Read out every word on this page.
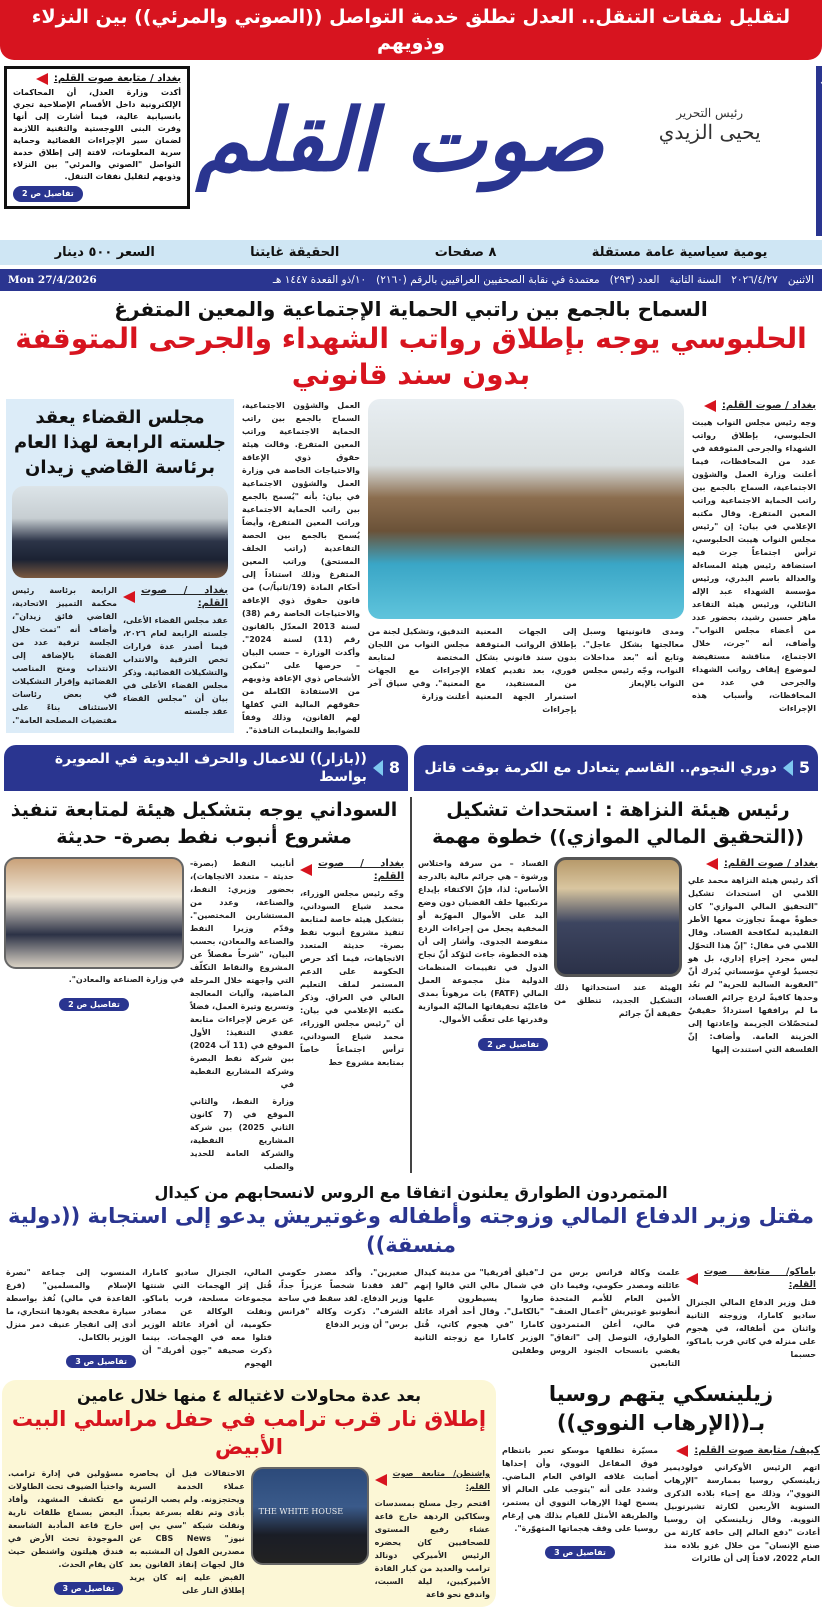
لتقليل نفقات التنقل.. العدل تطلق خدمة التواصل ((الصوتي والمرئي)) بين النزلاء وذويهم
بغداد / متابعة صوت القلم:
أكدت وزارة العدل، أن المحاكمات الإلكترونية داخل الأقسام الإصلاحية تجري بانسيابية عالية، فيما أشارت إلى أنها وفرت البنى اللوجستية والتقنية اللازمة لضمان سير الإجراءات القضائية وحماية سرية المعلومات، لافتة إلى إطلاق خدمة التواصل "الصوتي والمرئي" بين النزلاء وذويهم لتقليل نفقات التنقل.
تفاصيل ص 2
صوت القلم	رئيس التحرير
يحيى الزيدي
يومية سياسية عامة مستقلة
٨ صفحات
الحقيقة غايتنا
السعر ٥٠٠ دينار
الاثنين
٢٠٢٦/٤/٢٧
السنة الثانية
العدد (٢٩٣)
معتمدة في نقابة الصحفيين العراقيين بالرقم (٢١٦٠)
١٠/ذو القعدة ١٤٤٧ هـ
Mon 27/4/2026
السماح بالجمع بين راتبي الحماية الإجتماعية والمعين المتفرغ
الحلبوسي يوجه بإطلاق رواتب الشهداء والجرحى المتوقفة بدون سند قانوني
مجلس القضاء يعقد جلسته الرابعة لهذا العام برئاسة القاضي زيدان
الرابعة برئاسة رئيس محكمة التمييز الاتحادية، القاضي فائق زيدان"، وأضاف أنه "تمت خلال الجلسة ترقية عدد من القضاة بالإضافة إلى الانتداب ومنح المناصب القضائية وإقرار التشكيلات في بعض رئاسات الاستئناف بناءً على مقتضيات المصلحة العامة".
بغداد / صوت القلم:
عقد مجلس القضاء الأعلى، جلسته الرابعة لعام ٢٠٢٦، فيما أصدر عدة قرارات تخص الترقية والانتداب والتشكيلات القضائية. وذكر مجلس القضاء الأعلى في بيان أن "مجلس القضاء عقد جلسته
العمل والشؤون الاجتماعية، السماح بالجمع بين راتب الحماية الاجتماعية وراتب المعين المتفرغ. وقالت هيئة حقوق ذوي الإعاقة والاحتياجات الخاصة في وزارة العمل والشؤون الاجتماعية في بيان: بأنه "يُسمح بالجمع بين راتب الحماية الاجتماعية وراتب المعين المتفرغ، وأيضاً يُسمح بالجمع بين الحصة التقاعدية (راتب الخلف المستحق) وراتب المعين المتفرغ وذلك استناداً إلى أحكام المادة (19/ثانياً/ب) من قانون حقوق ذوي الإعاقة والاحتياجات الخاصة رقم (38) لسنة 2013 المعدّل بالقانون رقم (11) لسنة 2024". وأكدت الوزارة – حسب البيان – حرصها على "تمكين الأشخاص ذوي الإعاقة وذويهم من الاستفادة الكاملة من حقوقهم المالية التي كفلها لهم القانون، وذلك وفقاً للضوابط والتعليمات النافذة".
التدقيق، وتشكيل لجنة من مجلس النواب من اللجان المختصة لمتابعة الإجراءات مع الجهات المعنية". وفي سياق آخر أعلنت وزارة
إلى الجهات المعنية بإطلاق الرواتب المتوقفة بدون سند قانوني بشكل فوري، بعد تقديم كفلاء من المستفيد، مع استمرار الجهة المعنية بإجراءات
ومدى قانونيتها وسبل معالجتها بشكل عاجل". وتابع أنه "بعد مداخلات النواب، وجّه رئيس مجلس النواب بالإيعاز
بغداد / صوت القلم:
وجه رئيس مجلس النواب هيبت الحلبوسي، بإطلاق رواتب الشهداء والجرحى المتوقفة في عدد من المحافظات، فيما أعلنت وزارة العمل والشؤون الاجتماعية، السماح بالجمع بين راتب الحماية الاجتماعية وراتب المعين المتفرغ. وقال مكتبه الإعلامي في بيان: إن "رئيس مجلس النواب هيبت الحلبوسي، ترأس اجتماعاً جرت فيه استضافة رئيس هيئة المساءلة والعدالة باسم البدري، ورئيس مؤسسة الشهداء عبد الإله النائلي، ورئيس هيئة التقاعد ماهر حسين رشيد، بحضور عدد من أعضاء مجلس النواب". وأضاف، أنه "جرت، خلال الاجتماع، مناقشة مستفيضة لموضوع إيقاف رواتب الشهداء والجرحى في عدد من المحافظات، وأسباب هذه الإجراءات
8
((بازار)) للاعمال والحرف اليدوية في الصويرة بواسط	5
دوري النجوم.. القاسم يتعادل مع الكرمة بوقت قاتل
السوداني يوجه بتشكيل هيئة لمتابعة تنفيذ مشروع أنبوب نفط بصرة- حديثة
في وزارة الصناعة والمعادن".
تفاصيل ص 2
أنابيب النفط (بصرة- حديثة – متعدد الاتجاهات)، بحضور وزيري: النفط، والصناعة، وعدد من المستشارين المختصين". وقدّم وزيرا النفط والصناعة والمعادن، بحسب البيان، "شرحاً مفصلاً عن المشروع والنقاط التكلّف التي واجهته خلال المرحلة الماضية، وآليات المعالجة وتسريع وتيرة العمل، فضلاً عن عرض لإجراءات متابعة عقدي التنفيذ: الأول الموقع في (11 آب 2024) بين شركة نفط البصرة وشركة المشاريع النفطية في
وزارة النفط، والثاني الموقع في (7 كانون الثاني 2025) بين شركة المشاريع النفطية، والشركة العامة للحديد والصلب
بغداد / صوت القلم:
وجّه رئيس مجلس الوزراء، محمد شياع السوداني، بتشكيل هيئة خاصة لمتابعة تنفيذ مشروع أنبوب نفط بصرة- حديثة المتعدد الاتجاهات، فيما أكد حرص الحكومة على الدعم المستمر لملف التعليم العالي في العراق. وذكر مكتبه الإعلامي في بيان: أن "رئيس مجلس الوزراء، محمد شياع السوداني، ترأس اجتماعاً خاصاً بمتابعة مشروع خط
رئيس هيئة النزاهة : استحداث تشكيل ((التحقيق المالي الموازي)) خطوة مهمة
الفساد – من سرقة واختلاس ورشوة – هي جرائم مالية بالدرجة الأساس: لذا، فإنّ الاكتفاء بإيداع مرتكبيها خلف القضبان دون وضع اليد على الأموال المهرّبة أو المخفية يجعل من إجراءات الردع منقوصة الجدوى. وأشار إلى أن هذه الخطوة، جاءت لتؤكد أنّ نجاح الدول في تقييمات المنظمات الدولية مثل مجموعة العمل المالي (FATF) بات مرهوناً بمدى فاعليّة تحقيقاتها الماليّة الموازية وقدرتها على تعقّب الأموال.
تفاصيل ص 2
الهيئة عند استحداثها ذلك التشكيل الجديد، تنطلق من حقيقة أنّ جرائم
بغداد / صوت القلم:
أكد رئيس هيئة النزاهة محمد علي اللامي ان استحداث تشكيل "التحقيق المالي الموازي" كان خطوةً مهمةً تجاوزت معها الأطر التقليدية لمكافحة الفساد. وقال اللامي في مقال: "إنّ هذا التحوّل ليس مجرد إجراءٍ إداري، بل هو تجسيدٌ لوعيٍ مؤسساتي يُدرك أنّ "العقوبة السالبة للحرية" لم تعُد وحدها كافيةً لردع جرائم الفساد، ما لم يرافقها استردادٌ حقيقيٌ لمتحصّلات الجريمة وإعادتها إلى الخزينة العامة. وأضاف: إنّ الفلسفة التي استندت إليها
المتمردون الطوارق يعلنون اتفاقا مع الروس لانسحابهم من كيدال
مقتل وزير الدفاع المالي وزوجته وأطفاله وغوتيريش يدعو إلى استجابة ((دولية منسقة))
المنسوب إلى جماعة "نصرة الإسلام والمسلمين" (فرع القاعدة في مالي) نُفذ بواسطة سيارة مفخخة يقودها انتحاري، ما أدى إلى انفجار عنيف دمر منزل الوزير بالكامل.
تفاصيل ص 3
المالي، الجنرال ساديو كامارا، قُتل إثر الهجمات التي شنتها مجموعات مسلحة، قرب باماكو. ونقلت الوكالة عن مصادر حكومية، أن أفراد عائلة الوزير قتلوا معه في الهجمات. بينما ذكرت صحيفة "جون أفريك" أن الهجوم
صغيرين". وأكد مصدر حكومي "لقد فقدنا شخصاً عزيزاً جداً، وزير الدفاع. لقد سقط في ساحة الشرف". ذكرت وكالة "فرانس برس" أن وزير الدفاع
لـ"فيلق أفريقيا" من مدينة كيدال في شمال مالي التي قالوا إنهم صاروا يسيطرون عليها "بالكامل". وقال أحد أفراد عائلة كامارا "في هجوم كاتي، قُتل الوزير كامارا مع زوجته الثانية وطفلين
علمت وكالة فرانس برس من عائلته ومصدر حكومي، وفيما دان الأمين العام للأمم المتحدة أنطونيو غوتيريش "أعمال العنف" في مالي، أعلن المتمردون الطوارق، التوصل إلى "اتفاق" يقضي بانسحاب الجنود الروس التابعين
باماكو/ متابعة صوت القلم:
قتل وزير الدفاع المالي الجنرال ساديو كامارا، وزوجته الثانية واثنان من أطفاله، في هجوم على منزله في كاتي قرب باماكو، حسبما
بعد عدة محاولات لاغتياله ٤ منها خلال عامين
إطلاق نار قرب ترامب في حفل مراسلي البيت الأبيض
مسؤولين في إدارة ترامب. واختبأ الضيوف تحت الطاولات مع تكشف المشهد، وأفاد البعض بسماع طلقات نارية خارج قاعة المأدبة الشاسعة الموجودة تحت الأرض في فندق هيلتون واشنطن حيث كان يقام الحدث.
تفاصيل ص 3
الاحتفالات قبل أن يحاصره عملاء الخدمة السرية ويحتجزونه. ولم يصب الرئيس بأذى وتم نقله بسرعة بعيداً. ونقلت شبكة "سي بي إس نيوز" CBS News عن مصدرين القول إن المشتبه به قال لجهات إنفاذ القانون بعد القبض عليه إنه كان يريد إطلاق النار على
THE WHITE HOUSE
واشنطن/ متابعة صوت القلم:
اقتحم رجل مسلح بمسدسات وسكاكين الردهة خارج قاعة عشاء رفيع المستوى للصحافيين كان يحضره الرئيس الأميركي دونالد ترامب والعديد من كبار القادة الأميركيين، ليلة السبت، واندفع نحو قاعة
زيلينسكي يتهم روسيا بـ((الإرهاب النووي))
مسيّرة تطلقها موسكو تعبر بانتظام فوق المفاعل النووي، وأن إحداها أصابت غلافه الواقي العام الماضي. وشدد على أنه "يتوجب على العالم ألا يسمح لهذا الإرهاب النووي أن يستمر، والطريقة الأمثل للقيام بذلك هي إرغام روسيا على وقف هجماتها المتهوّرة".
تفاصيل ص 3
كييف/ متابعة صوت القلم:
اتهم الرئيس الأوكراني فولوديمير زيلينسكي روسيا بممارسة "الإرهاب النووي"، وذلك مع إحياء بلاده الذكرى السنوية الأربعين لكارثة تشيرنوبيل النووية. وقال زيلينسكي إن روسيا أعادت "دفع العالم إلى حافة كارثة من صنع الإنسان" من خلال غزو بلاده منذ العام 2022، لافتاً إلى أن طائرات
